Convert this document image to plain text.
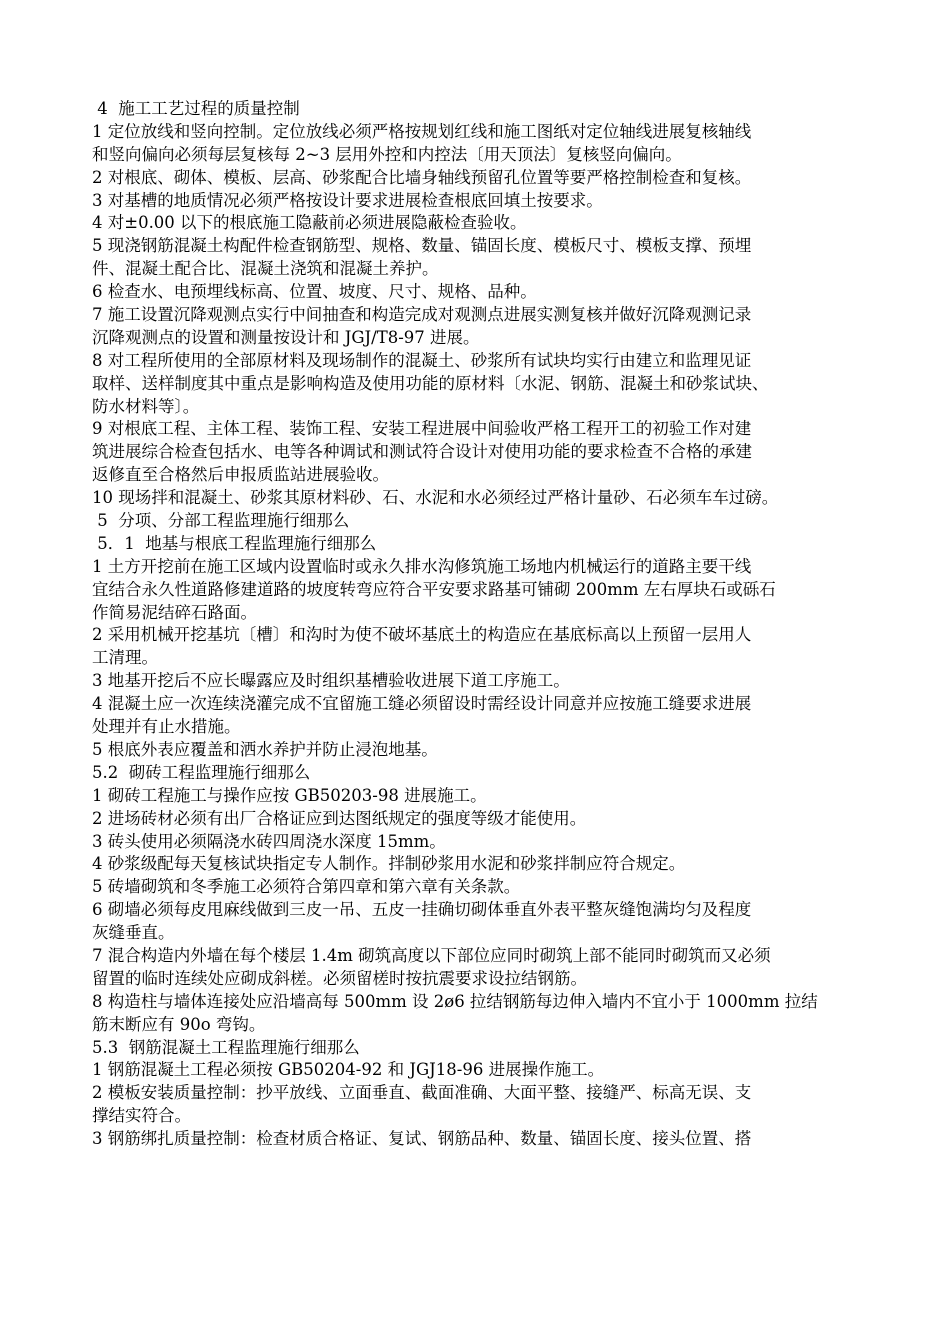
4  施工工艺过程的质量控制
1 定位放线和竖向控制。定位放线必须严格按规划红线和施工图纸对定位轴线进展复核轴线
和竖向偏向必须每层复核每 2~3 层用外控和内控法〔用天顶法〕复核竖向偏向。
2 对根底、砌体、模板、层高、砂浆配合比墙身轴线预留孔位置等要严格控制检查和复核。
3 对基槽的地质情况必须严格按设计要求进展检查根底回填土按要求。
4 对±0.00 以下的根底施工隐蔽前必须进展隐蔽检查验收。
5 现浇钢筋混凝土构配件检查钢筋型、规格、数量、锚固长度、模板尺寸、模板支撑、预埋
件、混凝土配合比、混凝土浇筑和混凝土养护。
6 检查水、电预埋线标高、位置、坡度、尺寸、规格、品种。
7 施工设置沉降观测点实行中间抽查和构造完成对观测点进展实测复核并做好沉降观测记录
沉降观测点的设置和测量按设计和 JGJ/T8-97 进展。
8 对工程所使用的全部原材料及现场制作的混凝土、砂浆所有试块均实行由建立和监理见证
取样、送样制度其中重点是影响构造及使用功能的原材料〔水泥、钢筋、混凝土和砂浆试块、
防水材料等〕。
9 对根底工程、主体工程、装饰工程、安装工程进展中间验收严格工程开工的初验工作对建
筑进展综合检查包括水、电等各种调试和测试符合设计对使用功能的要求检查不合格的承建
返修直至合格然后申报质监站进展验收。
10 现场拌和混凝土、砂浆其原材料砂、石、水泥和水必须经过严格计量砂、石必须车车过磅。
5  分项、分部工程监理施行细那么
5．1  地基与根底工程监理施行细那么
1 土方开挖前在施工区域内设置临时或永久排水沟修筑施工场地内机械运行的道路主要干线
宜结合永久性道路修建道路的坡度转弯应符合平安要求路基可铺砌 200mm 左右厚块石或砾石
作简易泥结碎石路面。
2 采用机械开挖基坑〔槽〕和沟时为使不破坏基底土的构造应在基底标高以上预留一层用人
工清理。
3 地基开挖后不应长曝露应及时组织基槽验收进展下道工序施工。
4 混凝土应一次连续浇灌完成不宜留施工缝必须留设时需经设计同意并应按施工缝要求进展
处理并有止水措施。
5 根底外表应覆盖和洒水养护并防止浸泡地基。
5.2  砌砖工程监理施行细那么
1 砌砖工程施工与操作应按 GB50203-98 进展施工。
2 进场砖材必须有出厂合格证应到达图纸规定的强度等级才能使用。
3 砖头使用必须隔浇水砖四周浇水深度 15mm。
4 砂浆级配每天复核试块指定专人制作。拌制砂浆用水泥和砂浆拌制应符合规定。
5 砖墙砌筑和冬季施工必须符合第四章和第六章有关条款。
6 砌墙必须每皮甩麻线做到三皮一吊、五皮一挂确切砌体垂直外表平整灰缝饱满均匀及程度
灰缝垂直。
7 混合构造内外墙在每个楼层 1.4m 砌筑高度以下部位应同时砌筑上部不能同时砌筑而又必须
留置的临时连续处应砌成斜槎。必须留槎时按抗震要求设拉结钢筋。
8 构造柱与墙体连接处应沿墙高每 500mm 设 2ø6 拉结钢筋每边伸入墙内不宜小于 1000mm 拉结
筋末断应有 90o 弯钩。
5.3  钢筋混凝土工程监理施行细那么
1 钢筋混凝土工程必须按 GB50204-92 和 JGJ18-96 进展操作施工。
2 模板安装质量控制：抄平放线、立面垂直、截面准确、大面平整、接缝严、标高无误、支
撑结实符合。
3 钢筋绑扎质量控制：检查材质合格证、复试、钢筋品种、数量、锚固长度、接头位置、搭
